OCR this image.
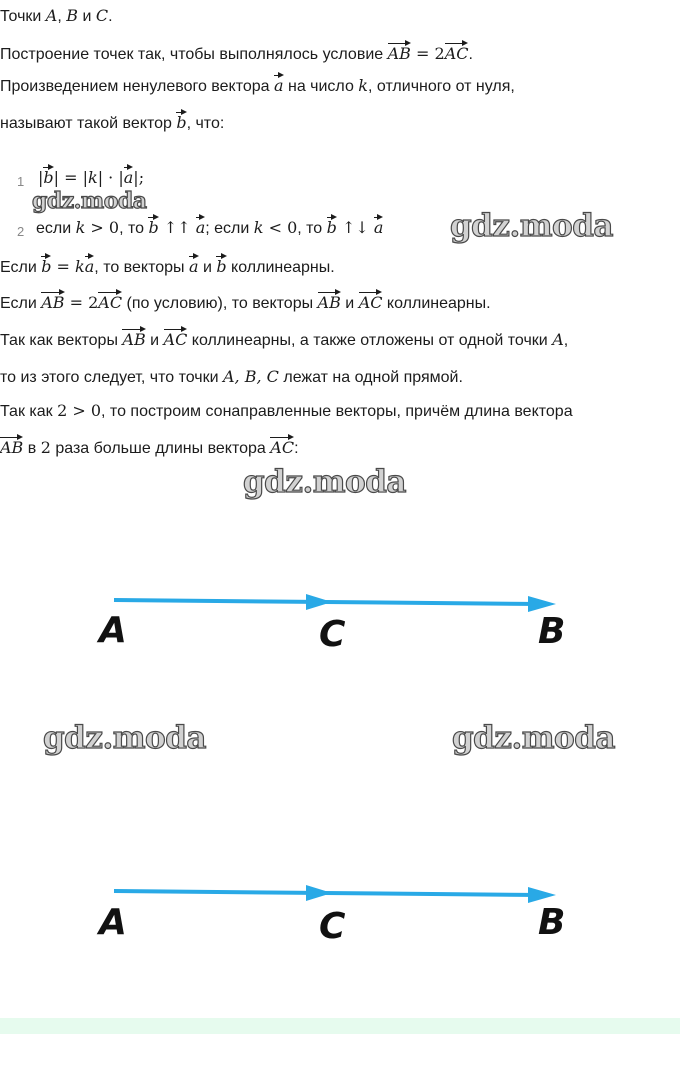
Точки A, B и C.
Построение точек так, чтобы выполнялось условие AB = 2AC.
Произведением ненулевого вектора a на число k, отличного от нуля,
называют такой вектор b, что:
1 |b| = |k| · |a|;
2 если k > 0, то b ↑↑ a; если k < 0, то b ↑↓ a
Если b = ka, то векторы a и b коллинеарны.
Если AB = 2AC (по условию), то векторы AB и AC коллинеарны.
Так как векторы AB и AC коллинеарны, а также отложены от одной точки A,
то из этого следует, что точки A, B, C лежат на одной прямой.
Так как 2 > 0, то построим сонаправленные векторы, причём длина вектора
AB в 2 раза больше длины вектора AC:
gdz.moda
gdz.moda
gdz.moda
gdz.moda	gdz.moda
A	C	B
A	C	B
